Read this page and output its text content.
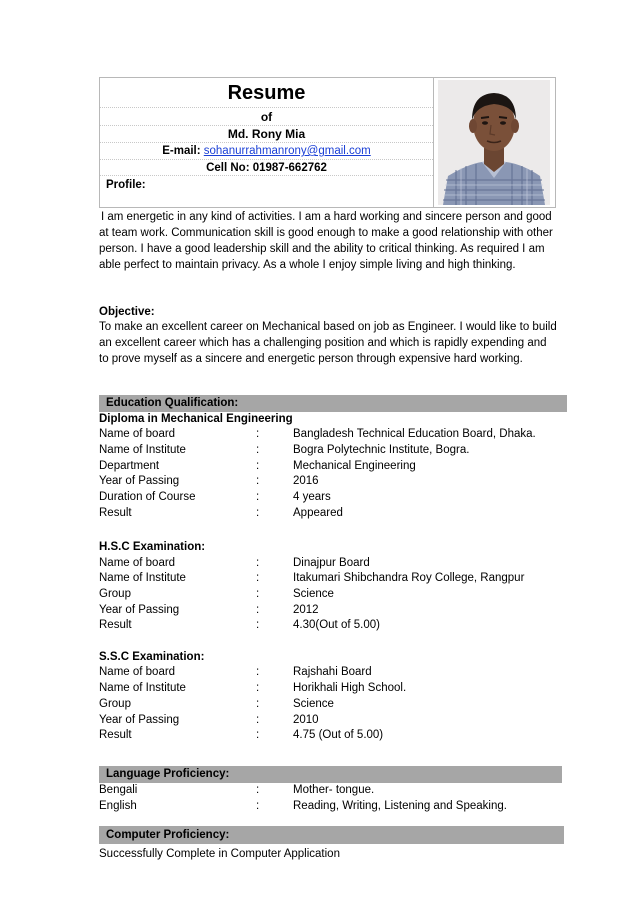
Resume
of
Md. Rony Mia
E-mail: sohanurrahmanrony@gmail.com
Cell No: 01987-662762
Profile:
I am energetic in any kind of activities. I am a hard working and sincere person and good at team work. Communication skill is good enough to make a good relationship with other person. I have a good leadership skill and the ability to critical thinking. As required I am able perfect to maintain privacy. As a whole I enjoy simple living and high thinking.
Objective:
To make an excellent career on Mechanical based on job as Engineer. I would like to build an excellent career which has a challenging position and which is rapidly expending and to prove myself as a sincere and energetic person through expensive hard working.
Education Qualification:
Diploma in Mechanical Engineering
Name of board	:	Bangladesh Technical Education Board, Dhaka.
Name of Institute	:	Bogra Polytechnic Institute, Bogra.
Department	:	Mechanical Engineering
Year of Passing	:	2016
Duration of Course	:	4 years
Result	:	Appeared
H.S.C Examination:
Name of board	:	Dinajpur Board
Name of Institute	:	Itakumari Shibchandra Roy College, Rangpur
Group	:	Science
Year of Passing	:	2012
Result	:	4.30(Out of 5.00)
S.S.C Examination:
Name of board	:	Rajshahi Board
Name of Institute	:	Horikhali High School.
Group	:	Science
Year of Passing	:	2010
Result	:	4.75 (Out of 5.00)
Language Proficiency:
Bengali	:	Mother- tongue.
English	:	Reading, Writing, Listening and Speaking.
Computer Proficiency:
Successfully Complete in Computer Application
